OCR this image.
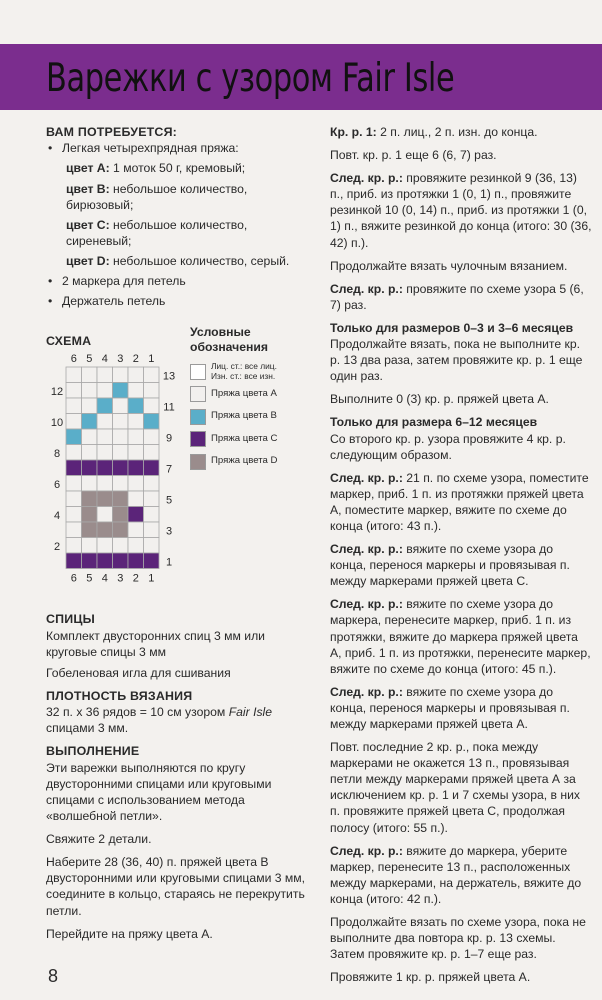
Варежки с узором Fair Isle
ВАМ ПОТРЕБУЕТСЯ:
• Легкая четырехпрядная пряжа:
цвет А: 1 моток 50 г, кремовый;
цвет В: небольшое количество, бирюзовый;
цвет С: небольшое количество, сиреневый;
цвет D: небольшое количество, серый.
• 2 маркера для петель
• Держатель петель
СХЕМА
6
6
5
5
4
4
3
3
2
2
1
1
13
12
11
10
9
8
7
6
5
4
3
2
1
Условные обозначения
Лиц. ст.: все лиц.
Изн. ст.: все изн.
Пряжа цвета А
Пряжа цвета В
Пряжа цвета С
Пряжа цвета D
СПИЦЫ

Комплект двусторонних спиц 3 мм или круговые спицы 3 мм

Гобеленовая игла для сшивания

ПЛОТНОСТЬ ВЯЗАНИЯ

32 п. х 36 рядов = 10 см узором Fair Isle спицами 3 мм.

ВЫПОЛНЕНИЕ

Эти варежки выполняются по кругу двусторонними спицами или круговыми спицами с использованием метода «волшебной петли».

Свяжите 2 детали.

Наберите 28 (36, 40) п. пряжей цвета В двусторонними или круговыми спицами 3 мм, соедините в кольцо, стараясь не перекрутить петли.

Перейдите на пряжу цвета А.

Кр. р. 1: 2 п. лиц., 2 п. изн. до конца.

Повт. кр. р. 1 еще 6 (6, 7) раз.

След. кр. р.: провяжите резинкой 9 (36, 13) п., приб. из протяжки 1 (0, 1) п., провяжите резинкой 10 (0, 14) п., приб. из протяжки 1 (0, 1) п., вяжите резинкой до конца (итого: 30 (36, 42) п.).

Продолжайте вязать чулочным вязанием.

След. кр. р.: провяжите по схеме узора 5 (6, 7) раз.

Только для размеров 0–3 и 3–6 месяцев

Продолжайте вязать, пока не выполните кр. р. 13 два раза, затем провяжите кр. р. 1 еще один раз.

Выполните 0 (3) кр. р. пряжей цвета А.

Только для размера 6–12 месяцев

Со второго кр. р. узора провяжите 4 кр. р. следующим образом.

След. кр. р.: 21 п. по схеме узора, поместите маркер, приб. 1 п. из протяжки пряжей цвета А, поместите маркер, вяжите по схеме до конца (итого: 43 п.).

След. кр. р.: вяжите по схеме узора до конца, перенося маркеры и провязывая п. между маркерами пряжей цвета С.

След. кр. р.: вяжите по схеме узора до маркера, перенесите маркер, приб. 1 п. из протяжки, вяжите до маркера пряжей цвета А, приб. 1 п. из протяжки, перенесите маркер, вяжите по схеме до конца (итого: 45 п.).

След. кр. р.: вяжите по схеме узора до конца, перенося маркеры и провязывая п. между маркерами пряжей цвета А.

Повт. последние 2 кр. р., пока между маркерами не окажется 13 п., провязывая петли между маркерами пряжей цвета А за исключением кр. р. 1 и 7 схемы узора, в них п. провяжите пряжей цвета С, продолжая полосу (итого: 55 п.).

След. кр. р.: вяжите до маркера, уберите маркер, перенесите 13 п., расположенных между маркерами, на держатель, вяжите до конца (итого: 42 п.).

Продолжайте вязать по схеме узора, пока не выполните два повтора кр. р. 13 схемы. Затем провяжите кр. р. 1–7 еще раз.

Провяжите 1 кр. р. пряжей цвета А.

8
